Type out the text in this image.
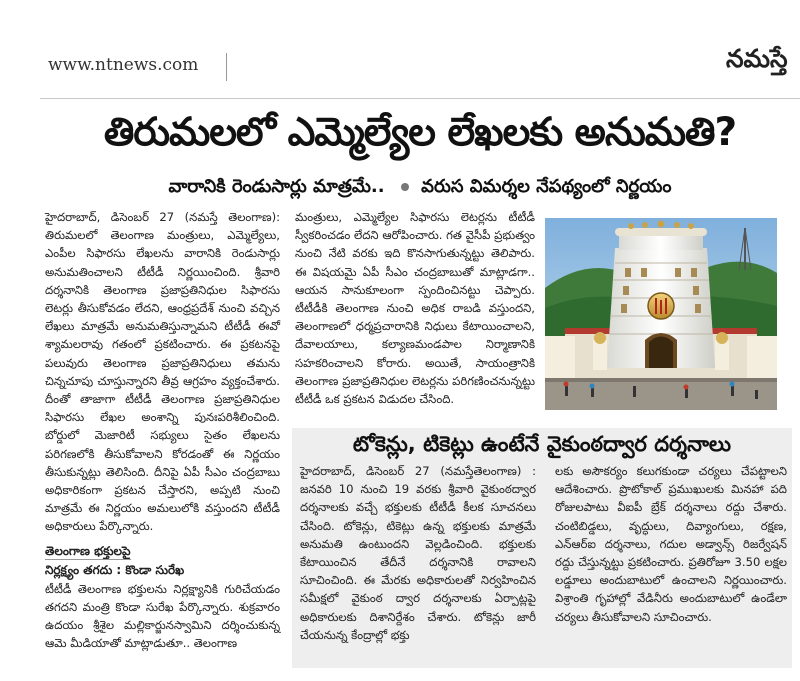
www.ntnews.com	నమస్తే
తిరుమలలో ఎమ్మెల్యేల లేఖలకు అనుమతి?
వారానికి రెండుసార్లు మాత్రమే.. వరుస విమర్శల నేపథ్యంలో నిర్ణయం

హైదరాబాద్, డిసెంబర్ 27 (నమస్తే తెలంగాణ): తిరుమలలో తెలంగాణ మంత్రులు, ఎమ్మెల్యేలు, ఎంపీల సిఫారసు లేఖలను వారానికి రెండుసార్లు అనుమతించాలని టీటీడీ నిర్ణయించింది. శ్రీవారి దర్శనానికి తెలంగాణ ప్రజాప్రతినిధుల సిఫారసు లెటర్లు తీసుకోవడం లేదని, ఆంధ్రప్రదేశ్ నుంచి వచ్చిన లేఖలు మాత్రమే అనుమతిస్తున్నామని టీటీడీ ఈవో శ్యామలరావు గతంలో ప్రకటించారు. ఈ ప్రకటనపై పలువురు తెలంగాణ ప్రజాప్రతినిధులు తమను చిన్నచూపు చూస్తున్నారని తీవ్ర ఆగ్రహం వ్యక్తంచేశారు. దీంతో తాజాగా టీటీడీ తెలంగాణ ప్రజాప్రతినిధుల సిఫారసు లేఖల అంశాన్ని పునఃపరిశీలించింది. బోర్డులో మెజారిటీ సభ్యులు సైతం లేఖలను పరిగణలోకి తీసుకోవాలని కోరడంతో ఈ నిర్ణయం తీసుకున్నట్లు తెలిసింది. దీనిపై ఏపీ సీఎం చంద్రబాబు అధికారికంగా ప్రకటన చేస్తారని, అప్పటి నుంచి మాత్రమే ఈ నిర్ణయం అమలులోకి వస్తుందని టీటీడీ అధికారులు పేర్కొన్నారు.

తెలంగాణ భక్తులపై
నిర్లక్ష్యం తగదు : కొండా సురేఖ

టీటీడీ తెలంగాణ భక్తులను నిర్లక్ష్యానికి గురిచేయడం తగదని మంత్రి కొండా సురేఖ పేర్కొన్నారు. శుక్రవారం ఉదయం శ్రీశైల మల్లికార్జునస్వామిని దర్శించుకున్న ఆమె మీడియాతో మాట్లాడుతూ.. తెలంగాణ

మంత్రులు, ఎమ్మెల్యేల సిఫారసు లెటర్లను టీటీడీ స్వీకరించడం లేదని ఆరోపించారు. గత వైసీపీ ప్రభుత్వం నుంచి నేటి వరకు ఇది కొనసాగుతున్నట్టు తెలిపారు. ఈ విషయమై ఏపీ సీఎం చంద్రబాబుతో మాట్లాడగా.. ఆయన సానుకూలంగా స్పందించినట్టు చెప్పారు. టీటీడీకి తెలంగాణ నుంచి అధిక రాబడి వస్తుందని, తెలంగాణలో ధర్మప్రచారానికి నిధులు కేటాయించాలని, దేవాలయాలు, కల్యాణమండపాల నిర్మాణానికి సహకరించాలని కోరారు. అయితే, సాయంత్రానికి తెలంగాణ ప్రజాప్రతినిధుల లెటర్లను పరిగణించనున్నట్టు టీటీడీ ఒక ప్రకటన విడుదల చేసింది.

టోకెన్లు, టికెట్లు ఉంటేనే వైకుంఠద్వార దర్శనాలు

హైదరాబాద్, డిసెంబర్ 27 (నమస్తేతెలంగాణ) : జనవరి 10 నుంచి 19 వరకు శ్రీవారి వైకుంఠద్వార దర్శనాలకు వచ్చే భక్తులకు టీటీడీ కీలక సూచనలు చేసింది. టోకెన్లు, టికెట్లు ఉన్న భక్తులకు మాత్రమే అనుమతి ఉంటుందని వెల్లడించింది. భక్తులకు కేటాయించిన తేదీనే దర్శనానికి రావాలని సూచించింది. ఈ మేరకు అధికారులతో నిర్వహించిన సమీక్షలో వైకుంఠ ద్వార దర్శనాలకు ఏర్పాట్లపై అధికారులకు దిశానిర్దేశం చేశారు. టోకెన్లు జారీ చేయనున్న కేంద్రాల్లో భక్తు

లకు అసౌకర్యం కలుగకుండా చర్యలు చేపట్టాలని ఆదేశించారు. ప్రొటోకాల్ ప్రముఖులకు మినహా పది రోజులపాటు వీఐపీ బ్రేక్ దర్శనాలు రద్దు చేశారు. చంటిబిడ్డలు, వృద్ధులు, దివ్యాంగులు, రక్షణ, ఎన్ఆర్ఐ దర్శనాలు, గదుల అడ్వాన్స్ రిజర్వేషన్ రద్దు చేస్తున్నట్టు ప్రకటించారు. ప్రతిరోజూ 3.50 లక్షల లడ్డూలు అందుబాటులో ఉంచాలని నిర్ణయించారు. విశ్రాంతి గృహాల్లో వేడినీరు అందుబాటులో ఉండేలా చర్యలు తీసుకోవాలని సూచించారు.
